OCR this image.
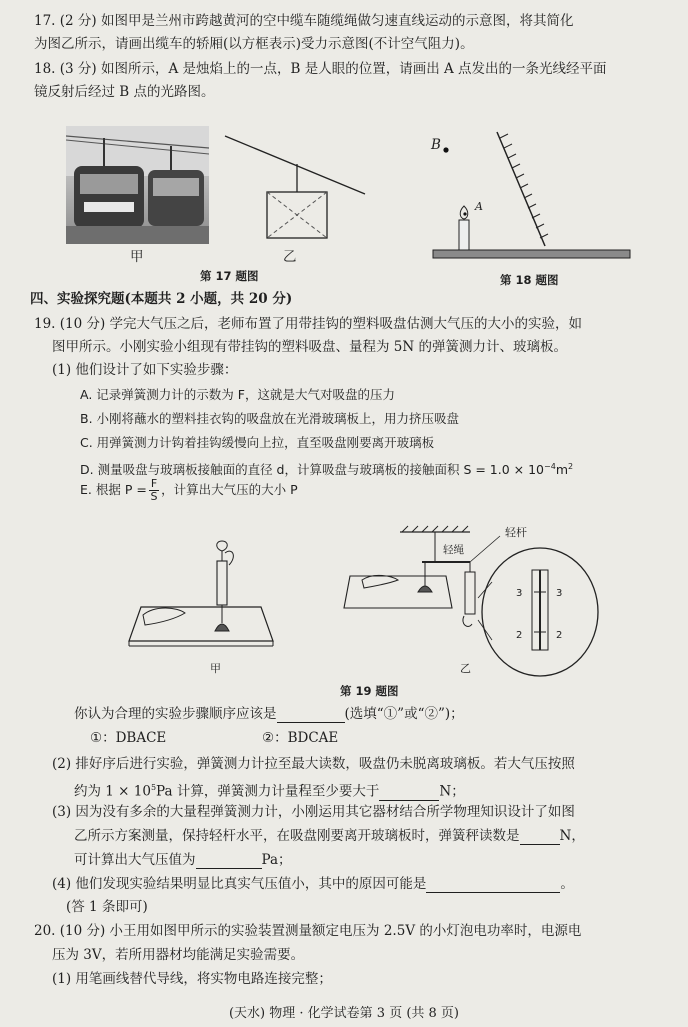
17. (2 分) 如图甲是兰州市跨越黄河的空中缆车随缆绳做匀速直线运动的示意图，将其简化
为图乙所示，请画出缆车的轿厢(以方框表示)受力示意图(不计空气阻力)。
18. (3 分) 如图所示，A 是烛焰上的一点，B 是人眼的位置，请画出 A 点发出的一条光线经平面
镜反射后经过 B 点的光路图。
甲	乙
第 17 题图
B
A
第 18 题图
四、实验探究题(本题共 2 小题，共 20 分)
19. (10 分) 学完大气压之后，老师布置了用带挂钩的塑料吸盘估测大气压的大小的实验，如
图甲所示。小刚实验小组现有带挂钩的塑料吸盘、量程为 5N 的弹簧测力计、玻璃板。
(1) 他们设计了如下实验步骤：
A. 记录弹簧测力计的示数为 F，这就是大气对吸盘的压力
B. 小刚将蘸水的塑料挂衣钩的吸盘放在光滑玻璃板上，用力挤压吸盘
C. 用弹簧测力计钩着挂钩缓慢向上拉，直至吸盘刚要离开玻璃板
D. 测量吸盘与玻璃板接触面的直径 d，计算吸盘与玻璃板的接触面积 $S = 1.0 \times 10^{-4}m^2$
E. 根据 $P = \frac{F}{S}$ ，计算出大气压的大小 P
甲
3
2
3
2
轻杆
轻绳
乙
第 19 题图
你认为合理的实验步骤顺序应该是	(选填“①”或“②”)；
①：DBACE	②：BDCAE
(2) 排好序后进行实验，弹簧测力计拉至最大读数，吸盘仍未脱离玻璃板。若大气压按照
约为 $1 \times 10^5Pa$ 计算，弹簧测力计量程至少要大于	N；
(3) 因为没有多余的大量程弹簧测力计，小刚运用其它器材结合所学物理知识设计了如图
乙所示方案测量，保持轻杆水平，在吸盘刚要离开玻璃板时，弹簧秤读数是	N，
可计算出大气压值为	Pa；
(4) 他们发现实验结果明显比真实气压值小，其中的原因可能是	。
(答 1 条即可)
20. (10 分) 小王用如图甲所示的实验装置测量额定电压为 2.5V 的小灯泡电功率时，电源电
压为 3V，若所用器材均能满足实验需要。
(1) 用笔画线替代导线，将实物电路连接完整；
(天水) 物理 · 化学试卷第 3 页 (共 8 页)
